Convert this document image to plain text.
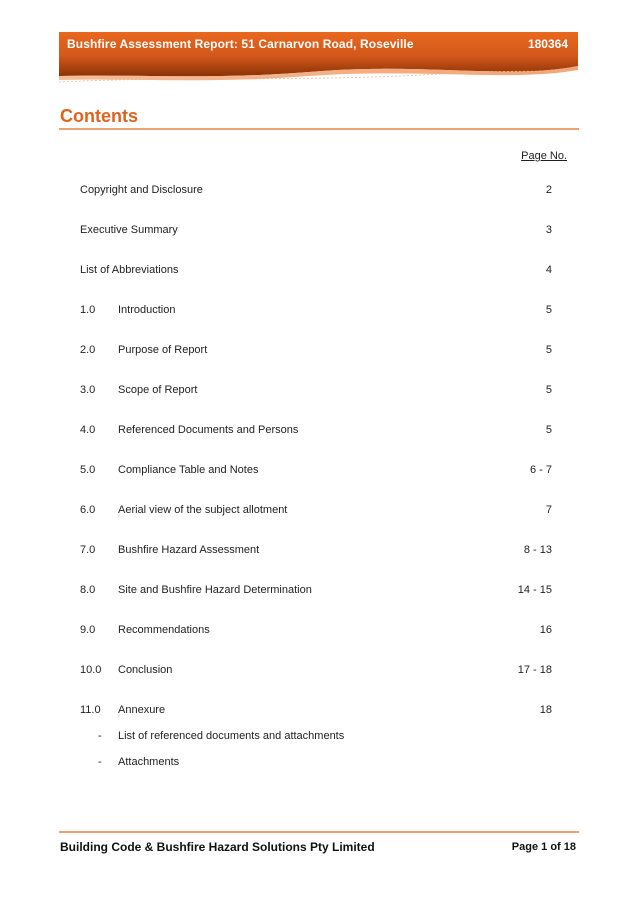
Bushfire Assessment Report: 51 Carnarvon Road, Roseville	180364
Contents
Page No.
Copyright and Disclosure	2
Executive Summary	3
List of Abbreviations	4
1.0 Introduction	5
2.0 Purpose of Report	5
3.0 Scope of Report	5
4.0 Referenced Documents and Persons	5
5.0 Compliance Table and Notes	6 - 7
6.0 Aerial view of the subject allotment	7
7.0 Bushfire Hazard Assessment	8 - 13
8.0 Site and Bushfire Hazard Determination	14 - 15
9.0 Recommendations	16
10.0 Conclusion	17 - 18
11.0 Annexure	18
- List of referenced documents and attachments
- Attachments
Building Code & Bushfire Hazard Solutions Pty Limited	Page 1 of 18
